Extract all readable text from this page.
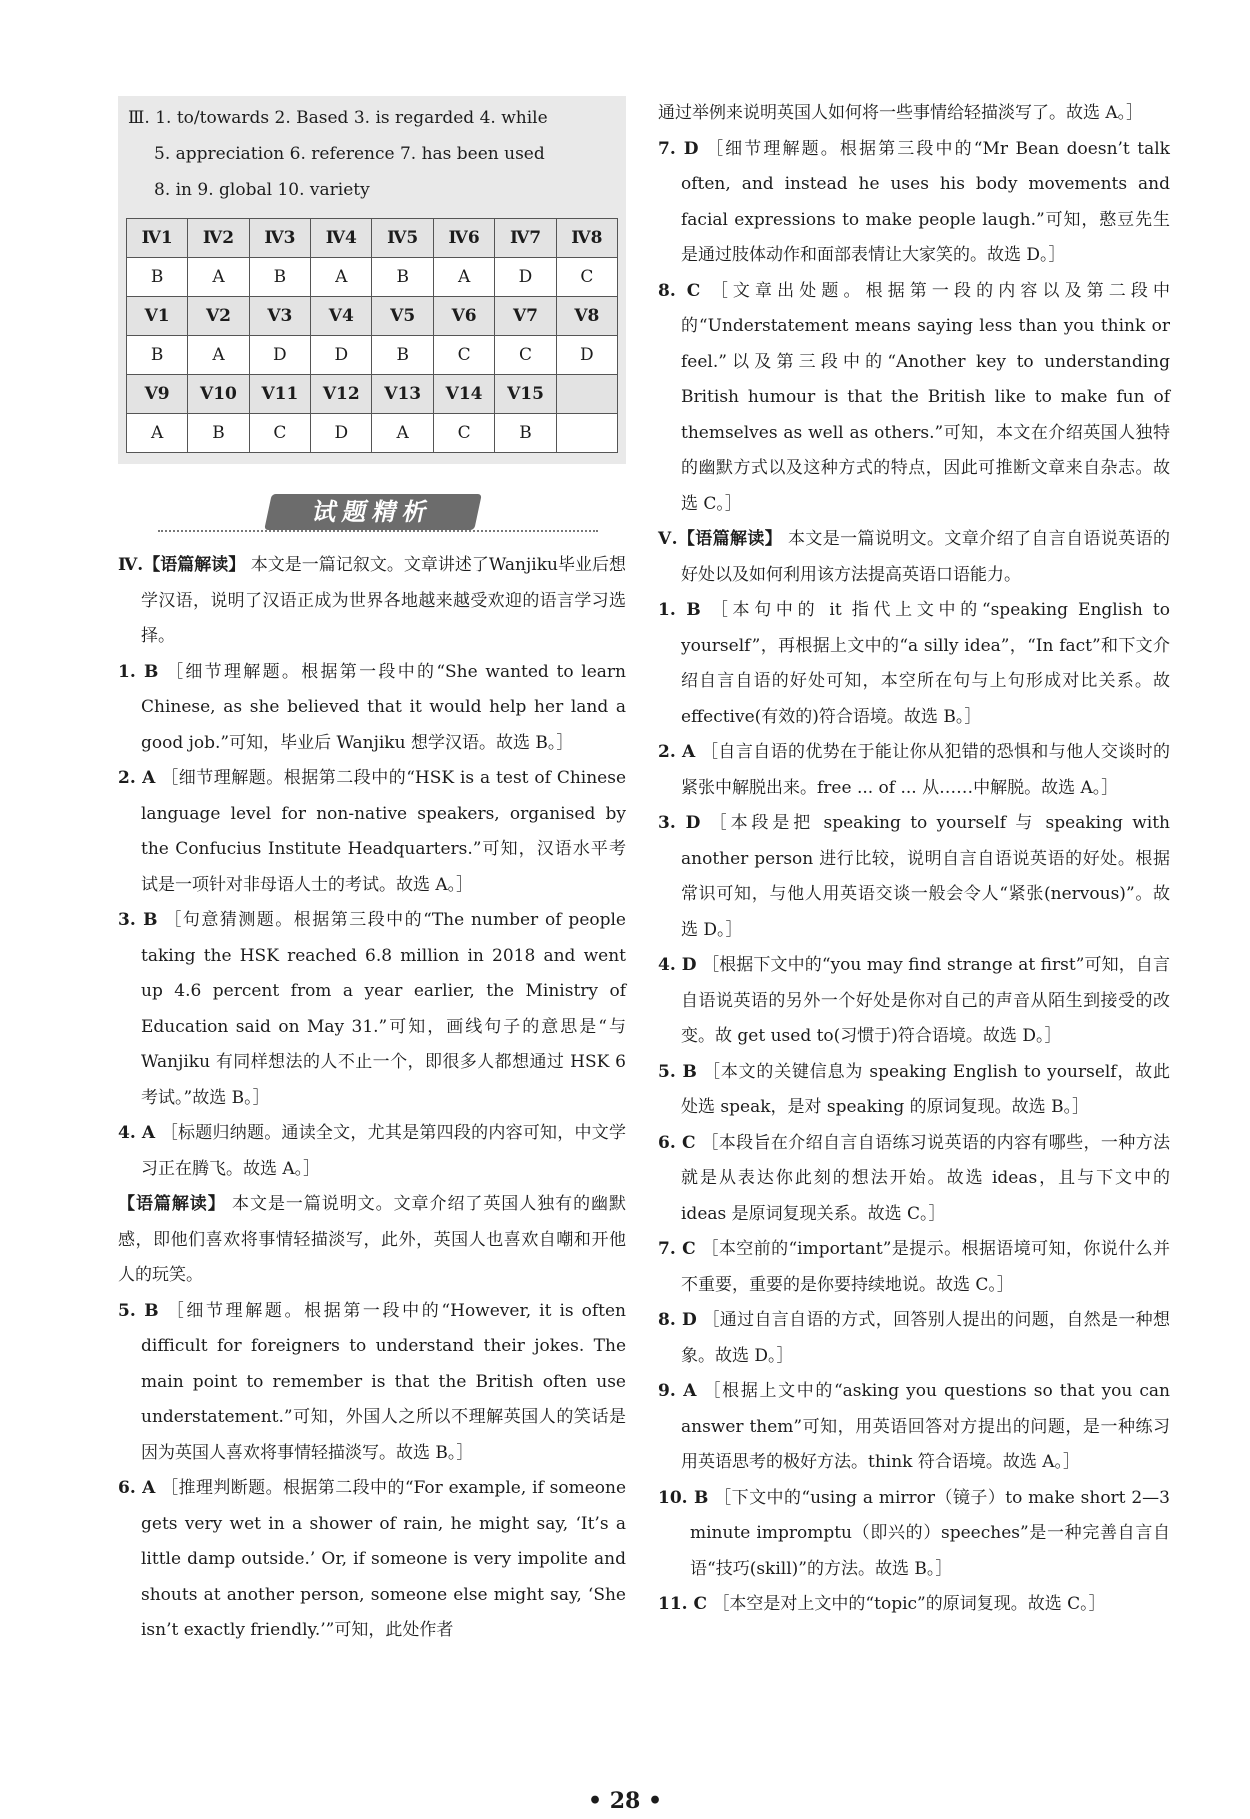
Ⅲ. 1. to/towards 2. Based 3. is regarded 4. while
5. appreciation 6. reference 7. has been used
8. in 9. global 10. variety
Ⅳ1	Ⅳ2	Ⅳ3	Ⅳ4	Ⅳ5	Ⅳ6	Ⅳ7	Ⅳ8
B	A	B	A	B	A	D	C
Ⅴ1	Ⅴ2	Ⅴ3	Ⅴ4	Ⅴ5	Ⅴ6	Ⅴ7	Ⅴ8
B	A	D	D	B	C	C	D
Ⅴ9	Ⅴ10	Ⅴ11	Ⅴ12	Ⅴ13	Ⅴ14	Ⅴ15	
A	B	C	D	A	C	B	
试题精析

Ⅳ.【语篇解读】 本文是一篇记叙文。文章讲述了Wanjiku毕业后想学汉语，说明了汉语正成为世界各地越来越受欢迎的语言学习选择。

1. B ［细节理解题。根据第一段中的“She wanted to learn Chinese, as she believed that it would help her land a good job.”可知，毕业后 Wanjiku 想学汉语。故选 B。］

2. A ［细节理解题。根据第二段中的“HSK is a test of Chinese language level for non-native speakers, organised by the Confucius Institute Headquarters.”可知，汉语水平考试是一项针对非母语人士的考试。故选 A。］

3. B ［句意猜测题。根据第三段中的“The number of people taking the HSK reached 6.8 million in 2018 and went up 4.6 percent from a year earlier, the Ministry of Education said on May 31.”可知，画线句子的意思是“与 Wanjiku 有同样想法的人不止一个，即很多人都想通过 HSK 6 考试。”故选 B。］

4. A ［标题归纳题。通读全文，尤其是第四段的内容可知，中文学习正在腾飞。故选 A。］

【语篇解读】 本文是一篇说明文。文章介绍了英国人独有的幽默感，即他们喜欢将事情轻描淡写，此外，英国人也喜欢自嘲和开他人的玩笑。

5. B ［细节理解题。根据第一段中的“However, it is often difficult for foreigners to understand their jokes. The main point to remember is that the British often use understatement.”可知，外国人之所以不理解英国人的笑话是因为英国人喜欢将事情轻描淡写。故选 B。］

6. A ［推理判断题。根据第二段中的“For example, if someone gets very wet in a shower of rain, he might say, ‘It’s a little damp outside.’ Or, if someone is very impolite and shouts at another person, someone else might say, ‘She isn’t exactly friendly.’”可知，此处作者

通过举例来说明英国人如何将一些事情给轻描淡写了。故选 A。］

7. D ［细节理解题。根据第三段中的“Mr Bean doesn’t talk often, and instead he uses his body movements and facial expressions to make people laugh.”可知，憨豆先生是通过肢体动作和面部表情让大家笑的。故选 D。］

8. C ［文章出处题。根据第一段的内容以及第二段中的“Understatement means saying less than you think or feel.”以及第三段中的“Another key to understanding British humour is that the British like to make fun of themselves as well as others.”可知，本文在介绍英国人独特的幽默方式以及这种方式的特点，因此可推断文章来自杂志。故选 C。］

Ⅴ.【语篇解读】 本文是一篇说明文。文章介绍了自言自语说英语的好处以及如何利用该方法提高英语口语能力。

1. B ［本句中的 it 指代上文中的“speaking English to yourself”，再根据上文中的“a silly idea”，“In fact”和下文介绍自言自语的好处可知，本空所在句与上句形成对比关系。故 effective(有效的)符合语境。故选 B。］

2. A ［自言自语的优势在于能让你从犯错的恐惧和与他人交谈时的紧张中解脱出来。free ... of ... 从……中解脱。故选 A。］

3. D ［本段是把 speaking to yourself 与 speaking with another person 进行比较，说明自言自语说英语的好处。根据常识可知，与他人用英语交谈一般会令人“紧张(nervous)”。故选 D。］

4. D ［根据下文中的“you may find strange at first”可知，自言自语说英语的另外一个好处是你对自己的声音从陌生到接受的改变。故 get used to(习惯于)符合语境。故选 D。］

5. B ［本文的关键信息为 speaking English to yourself，故此处选 speak，是对 speaking 的原词复现。故选 B。］

6. C ［本段旨在介绍自言自语练习说英语的内容有哪些，一种方法就是从表达你此刻的想法开始。故选 ideas，且与下文中的 ideas 是原词复现关系。故选 C。］

7. C ［本空前的“important”是提示。根据语境可知，你说什么并不重要，重要的是你要持续地说。故选 C。］

8. D ［通过自言自语的方式，回答别人提出的问题，自然是一种想象。故选 D。］

9. A ［根据上文中的“asking you questions so that you can answer them”可知，用英语回答对方提出的问题，是一种练习用英语思考的极好方法。think 符合语境。故选 A。］

10. B ［下文中的“using a mirror（镜子）to make short 2—3 minute impromptu（即兴的）speeches”是一种完善自言自语“技巧(skill)”的方法。故选 B。］

11. C ［本空是对上文中的“topic”的原词复现。故选 C。］

• 28 •
